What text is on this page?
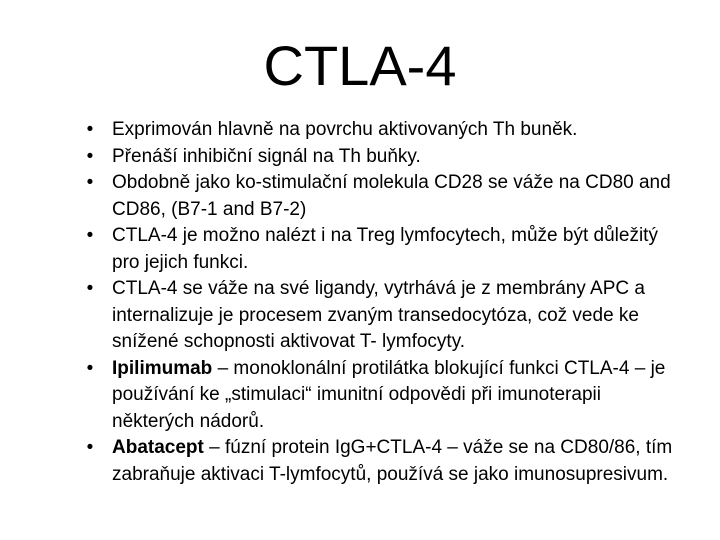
CTLA-4
• Exprimován hlavně na povrchu aktivovaných Th buněk.
• Přenáší inhibiční signál na Th buňky.
• Obdobně jako ko-stimulační molekula CD28 se váže na CD80 and CD86, (B7-1 and B7-2)
• CTLA-4 je možno nalézt i na Treg lymfocytech, může být důležitý pro jejich funkci.
• CTLA-4 se váže na své ligandy, vytrhává je z membrány APC a internalizuje je procesem zvaným transedocytóza, což vede ke snížené schopnosti aktivovat T- lymfocyty.
• Ipilimumab – monoklonální protilátka blokující funkci CTLA-4 – je používání ke „stimulaci“ imunitní odpovědi při imunoterapii některých nádorů.
• Abatacept – fúzní protein IgG+CTLA-4 – váže se na CD80/86, tím zabraňuje aktivaci T-lymfocytů, používá se jako imunosupresivum.
